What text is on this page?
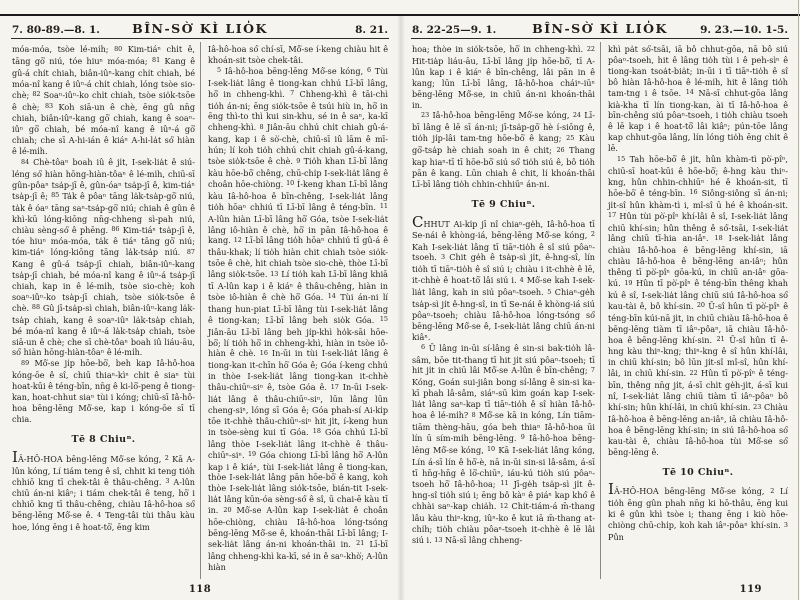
7. 80-89.—8. 1.	BÎN-SÒ͘ KÌ LIO̍K	8. 21.
móa-móa, tsòe lé-mi̍h; 80 Kim-tiáⁿ chi̍t ê, tāng gō͘ niú, tóe hiuⁿ móa-móa; 81 Kang ê gû-á chi̍t chiah, biân-iûⁿ-kang chi̍t chiah, bé móa-nî kang ê iûⁿ-á chi̍t chiah, lóng tsòe sio-chè; 82 Soaⁿ-iûⁿ-ko chi̍t chiah, tsòe sio̍k-tsōe ê chè; 83 Koh siā-un ê chè, ēng gû nn̄g chiah, biân-iûⁿ-kang gō͘ chiah, kang ê soaⁿ-iûⁿ gō͘ chiah, bé móa-nî kang ê iûⁿ-á gō͘ chiah; che sī A-hi-ián ê kiáⁿ A-hi-la̍t só͘ hiàn ê lé-mi̍h.
84 Chè-tôaⁿ boah iû ê ji̍t, I-sek-lia̍t ê siú-léng só͘ hiàn hōng-hiàn-tôaⁿ ê lé-mi̍h, chiū-sī gûn-pôaⁿ tsa̍p-jī ê, gûn-óaⁿ tsa̍p-jī ê, kim-tiáⁿ tsa̍p-jī ê; 85 Ta̍k ê pôaⁿ tāng la̍k-tsa̍p-gō͘ niú, ta̍k ê óaⁿ tāng saⁿ-tsa̍p-gō͘ niú; chiah ê gûn ê khì-kū lóng-kiōng nn̄g-chheng sì-pah niú, chiàu sèng-só͘ ê phēng. 86 Kim-tiáⁿ tsa̍p-jī ê, tóe hiuⁿ móa-móa, ta̍k ê tiáⁿ tāng gō͘ niú; kim-tiáⁿ lóng-kiōng tāng la̍k-tsa̍p niú. 87 Kang ê gû-á tsa̍p-jī chiah, biân-iûⁿ-kang tsa̍p-jī chiah, bé móa-nî kang ê iûⁿ-á tsa̍p-jī chiah, kap in ê lé-mi̍h, tsòe sio-chè; koh soaⁿ-iûⁿ-ko tsa̍p-jī chiah, tsòe sio̍k-tsōe ê chè. 88 Gû jī-tsa̍p-sì chiah, biân-iûⁿ-kang la̍k-tsa̍p chiah, kang ê soaⁿ-iûⁿ la̍k-tsa̍p chiah, bé móa-nî kang ê iûⁿ-á la̍k-tsa̍p chiah, tsòe siā-un ê chè; che sī chè-tôaⁿ boah iû liáu-āu, só͘ hiàn hōng-hiàn-tôaⁿ ê lé-mi̍h.
89 Mô͘-se ji̍p hōe-bō͘, beh kap Iâ-hô-hoa kóng-ōe ê sî, chiū thiaⁿ-kìⁿ chi̍t ê siaⁿ tùi hoat-kūi ê téng-bīn, nn̄g ê ki-lō͘-peng ê tiong-kan, hoat-chhut siaⁿ tùi i kóng; chiū-sī Iâ-hô-hoa bēng-lēng Mô͘-se, kap i kóng-ōe sī tī chia.
Tē 8 Chiuⁿ.
IÂ-HÔ-HOA bēng-lēng Mô͘-se kóng, 2 Kā A-lûn kóng, Lí tiám teng ê sî, chhit ki teng tio̍h chhiō kng tī chek-tâi ê thâu-chêng. 3 A-lûn chiū án-ni kiâⁿ; i tiám chek-tâi ê teng, hō͘ i chhiō kng tī thâu-chêng, chiàu Iâ-hô-hoa só͘ bēng-lēng Mô͘-se ê. 4 Teng-tâi tùi thâu kàu hoe, lóng ēng i ê hoat-tō͘, ēng kim
Iâ-hô-hoa só͘ chí-sī, Mô͘-se í-keng chiàu hit ê khoán-sit tsòe chek-tâi.
5 Iâ-hô-hoa bēng-lēng Mô͘-se kóng, 6 Tùi I-sek-lia̍t lâng ê tiong-kan chhú Lī-bī lâng, hō͘ in chheng-khì. 7 Chheng-khì ê tāi-chì tio̍h án-ni; ēng sio̍k-tsōe ê tsúi hiù in, hō͘ in ēng thì-to thì kui sin-khu, sé in ê saⁿ, ka-kī chheng-khì. 8 Jiân-āu chhú chi̍t chiah gû-á-kang, kap i ê sò͘-chè, chiū-sī iû lām ê mī-hún; lí koh tio̍h chhú chi̍t chiah gû-á-kang, tsòe sio̍k-tsōe ê chè. 9 Tio̍h khan Lī-bī lâng kàu hōe-bō͘ chêng, chū-chi̍p I-sek-lia̍t lâng ê choân hōe-chiòng. 10 Í-keng khan Lī-bī lâng kàu Iâ-hô-hoa ê bīn-chêng, I-sek-lia̍t lâng tio̍h hōaⁿ chhiú tī Lī-bī lâng ê téng-bīn. 11 A-lûn hiàn Lī-bī lâng hō͘ Góa, tsòe I-sek-lia̍t lâng iô-hiàn ê chè, hō͘ in pān Iâ-hô-hoa ê kang. 12 Lī-bī lâng tio̍h hōaⁿ chhiú tī gû-á ê thâu-khak; lí tio̍h hiàn chit chiah tsòe sio̍k-tsōe ê chè, hit chiah tsòe sio-chè, thòe Lī-bī lâng sio̍k-tsōe. 13 Lí tio̍h kah Lī-bī lâng khiā tī A-lûn kap i ê kiáⁿ ê thâu-chêng, hiàn in tsòe iô-hiàn ê chè hō͘ Góa. 14 Tùi án-ni lí thang hun-piat Lī-bī lâng tùi I-sek-lia̍t lâng ê tiong-kan; Lī-bī lâng beh sio̍k Góa. 15 Jiân-āu Lī-bī lâng beh ji̍p-khì ho̍k-sāi hōe-bō͘; lí tio̍h hō͘ in chheng-khì, hiàn in tsòe iô-hiàn ê chè. 16 In-ūi in tùi I-sek-lia̍t lâng ê tiong-kan it-chīn hō͘ Góa ê; Góa í-keng chhú in thòe I-sek-lia̍t lâng tiong-kan it-chhè thâu-chiūⁿ-siⁿ ê, tsòe Góa ê. 17 In-ūi I-sek-lia̍t lâng ê thâu-chiūⁿ-siⁿ, lūn lâng lūn cheng-siⁿ, lóng sī Góa ê; Góa phah-sí Ai-ki̍p tōe it-chhè thâu-chiūⁿ-siⁿ hit ji̍t, í-keng hun in tsòe-sèng kui tī Góa. 18 Góa chhú Lī-bī lâng thòe I-sek-lia̍t lâng it-chhè ê thâu-chiūⁿ-siⁿ. 19 Góa chiong Lī-bī lâng hō͘ A-lûn kap i ê kiáⁿ, tùi I-sek-lia̍t lâng ê tiong-kan, thòe I-sek-lia̍t lâng pān hōe-bō͘ ê kang, koh thòe I-sek-lia̍t lâng sio̍k-tsōe, bián-tit I-sek-lia̍t lâng kūn-óa sèng-só͘ ê sî, ū chai-ē kàu tī in. 20 Mô͘-se A-lûn kap I-sek-lia̍t ê choân hōe-chiòng, chiàu Iâ-hô-hoa lóng-tsóng bēng-lēng Mô͘-se ê, khoán-thāi Lī-bī lâng; I-sek-lia̍t lâng án-ni khoán-thāi in. 21 Lī-bī lâng chheng-khì ka-kī, sé in ê saⁿ-khò͘; A-lûn hiàn
118
8. 22-25—9. 1.	BÎN-SÒ͘ KÌ LIO̍K	9. 23.—10. 1-5.
hoa; thòe in sio̍k-tsōe, hō͘ in chheng-khì. 22 Hit-tia̍p liáu-āu, Lī-bī lâng ji̍p hōe-bō͘, tī A-lûn kap i ê kiáⁿ ê bīn-chêng, lâi pān in ê kang; lūn Lī-bī lâng, Iâ-hô-hoa cháiⁿ-iūⁿ bēng-lēng Mô͘-se, in chiū án-ni khoán-thāi in.
23 Iâ-hô-hoa bēng-lēng Mô͘-se kóng, 24 Lī-bī lâng ê lē sī án-ni; jī-tsa̍p-gō͘ hè í-siōng ê, tio̍h ji̍p-lâi tam-tng hōe-bō͘ ê kang; 25 Kàu gō͘-tsa̍p hè chiah soah in ê chit; 26 Thang kap hiaⁿ-tī tī hōe-bō͘ siú só͘ tio̍h siú ê, bô tio̍h pān ê kang. Lūn chiah ê chit, lí khoán-thāi Lī-bī lâng tio̍h chhin-chhiūⁿ án-ni.
Tē 9 Chiuⁿ.
CHHUT Ai-ki̍p jī nî chiaⁿ-ge̍h, Iâ-hô-hoa tī Se-nái ê khòng-iá, bēng-lēng Mô͘-se kóng, 2 Kah I-sek-lia̍t lâng tī tiāⁿ-tio̍h ê sî siú pôaⁿ-tsoeh. 3 Chit ge̍h ê tsa̍p-sì ji̍t, ê-hng-sî, lín tio̍h tī tiāⁿ-tio̍h ê sî siú i; chiàu i it-chhè ê lē, it-chhè ê hoat-tō͘ lâi siú i. 4 Mô͘-se kah I-sek-lia̍t lâng, kah in siú pôaⁿ-tsoeh. 5 Chiaⁿ-ge̍h tsa̍p-sì ji̍t ê-hng-sî, in tī Se-nái ê khòng-iá siú pôaⁿ-tsoeh; chiàu Iâ-hô-hoa lóng-tsóng só͘ bēng-lēng Mô͘-se ê, I-sek-lia̍t lâng chiū án-ni kiâⁿ.
6 Ū lâng in-ūi sí-lâng ê sin-si bak-tio̍h lâ-sâm, bōe tit-thang tī hit ji̍t siú pôaⁿ-tsoeh; tī hit ji̍t in chiū lâi Mô͘-se A-lûn ê bīn-chêng; 7 Kóng, Goán sui-jiân bong sí-lâng ê sin-si ka-kī phah lâ-sâm, siáⁿ-sū kìm goán kap I-sek-lia̍t lâng saⁿ-kap tī tiāⁿ-tio̍h ê sî hiàn Iâ-hô-hoa ê lé-mi̍h? 8 Mô͘-se kā in kóng, Lín tiām-tiām thèng-hāu, góa beh thiaⁿ Iâ-hô-hoa ūi lín ū sím-mi̍h bēng-lēng. 9 Iâ-hô-hoa bēng-lēng Mô͘-se kóng, 10 Kā I-sek-lia̍t lâng kóng, Lín á-sī lín ê hō͘-è, nā in-ūi sin-si lâ-sâm, á-sī tī hn̄g-hn̄g ê lō͘-chiūⁿ, iáu-kú tio̍h siú pôaⁿ-tsoeh hō͘ Iâ-hô-hoa; 11 Jī-ge̍h tsa̍p-sì ji̍t ê-hng-sî tio̍h siú i; ēng bô kàⁿ ê piáⁿ kap khó͘ ê chhài saⁿ-kap chia̍h. 12 Chi̍t-tiám-á m̄-thang lâu kàu thiⁿ-kng, iûⁿ-ko ê kut iā m̄-thang at-chi̍h; tio̍h chiàu pôaⁿ-tsoeh it-chhè ê lē lâi siú i. 13 Nā-sī lâng chheng-
khì pa̍t só͘-tsāi, iā bô chhut-gōa, nā bô siú pôaⁿ-tsoeh, hit ê lâng tio̍h tùi i ê peh-sìⁿ ê tiong-kan tsoa̍t-bia̍t; in-ūi i tī tiāⁿ-tio̍h ê sî bô hiàn Iâ-hô-hoa ê lé-mi̍h, hit ê lâng tio̍h tam-tng i ê tsōe. 14 Nā-sī chhut-gōa lâng kià-kha tī lín tiong-kan, ài tī Iâ-hô-hoa ê bīn-chêng siú pôaⁿ-tsoeh, i tio̍h chiàu tsoeh ê lē kap i ê hoat-tō͘ lâi kiâⁿ; pún-tōe lâng kap chhut-gōa lâng, lín lóng tio̍h ēng chi̍t ê lē.
15 Tah hōe-bō͘ ê ji̍t, hûn khàm-tì pò͘-pîⁿ, chiū-sī hoat-kūi ê hōe-bō͘; ê-hng kàu thiⁿ-kng, hûn chhin-chhiūⁿ hé ê khoán-sit, tī hōe-bō͘ ê téng-bīn. 16 Siông-siông sī án-ni; ji̍t-sî hûn khàm-tì i, mî-sî ū hé ê khoán-sit. 17 Hûn tùi pò͘-pîⁿ khí-lâi ê sî, I-sek-lia̍t lâng chiū khí-sin; hûn thêng ê só͘-tsāi, I-sek-lia̍t lâng chiū tī-hia an-iâⁿ. 18 I-sek-lia̍t lâng chiàu Iâ-hô-hoa ê bēng-lēng khí-sin, iā chiàu Iâ-hô-hoa ê bēng-lēng an-iâⁿ; hûn thêng tī pò͘-pîⁿ gōa-kú, in chiū an-iâⁿ gōa-kú. 19 Hûn tī pò͘-pîⁿ ê téng-bīn thêng khah kú ê sî, I-sek-lia̍t lâng chiū siú Iâ-hô-hoa só͘ kau-tài ê, bô khí-sin. 20 Ū-sî hûn tī pò͘-pîⁿ ê téng-bīn kúi-nā ji̍t, in chiū chiàu Iâ-hô-hoa ê bēng-lēng tiàm tī iâⁿ-pôaⁿ, iā chiàu Iâ-hô-hoa ê bēng-lēng khí-sin. 21 Ū-sî hûn tī ê-hng kàu thiⁿ-kng; thiⁿ-kng ê sî hûn khí-lâi, in chiū khí-sin; bô lūn ji̍t-sî mî-sî, hûn khí-lâi, in chiū khí-sin. 22 Hûn tī pò͘-pîⁿ ê téng-bīn, thêng nn̄g ji̍t, á-sī chi̍t ge̍h-ji̍t, á-sī kui nî, I-sek-lia̍t lâng chiū tiàm tī iâⁿ-pôaⁿ bô khí-sin; hûn khí-lâi, in chiū khí-sin. 23 Chiàu Iâ-hô-hoa ê bēng-lēng an-iâⁿ, iā chiàu Iâ-hô-hoa ê bēng-lēng khí-sin; in siú Iâ-hô-hoa só͘ kau-tài ê, chiàu Iâ-hô-hoa tùi Mô͘-se só͘ bēng-lēng ê.
Tē 10 Chiuⁿ.
IÂ-HÔ-HOA bēng-lēng Mô͘-se kóng, 2 Lí tio̍h ēng gûn phah nn̄g ki hō-thâu, ēng kui ki ê gûn khì tsòe i; thang ēng i kiò hōe-chiòng chū-chi̍p, koh kah iâⁿ-pôaⁿ khí-sin. 3 Pûn
119
